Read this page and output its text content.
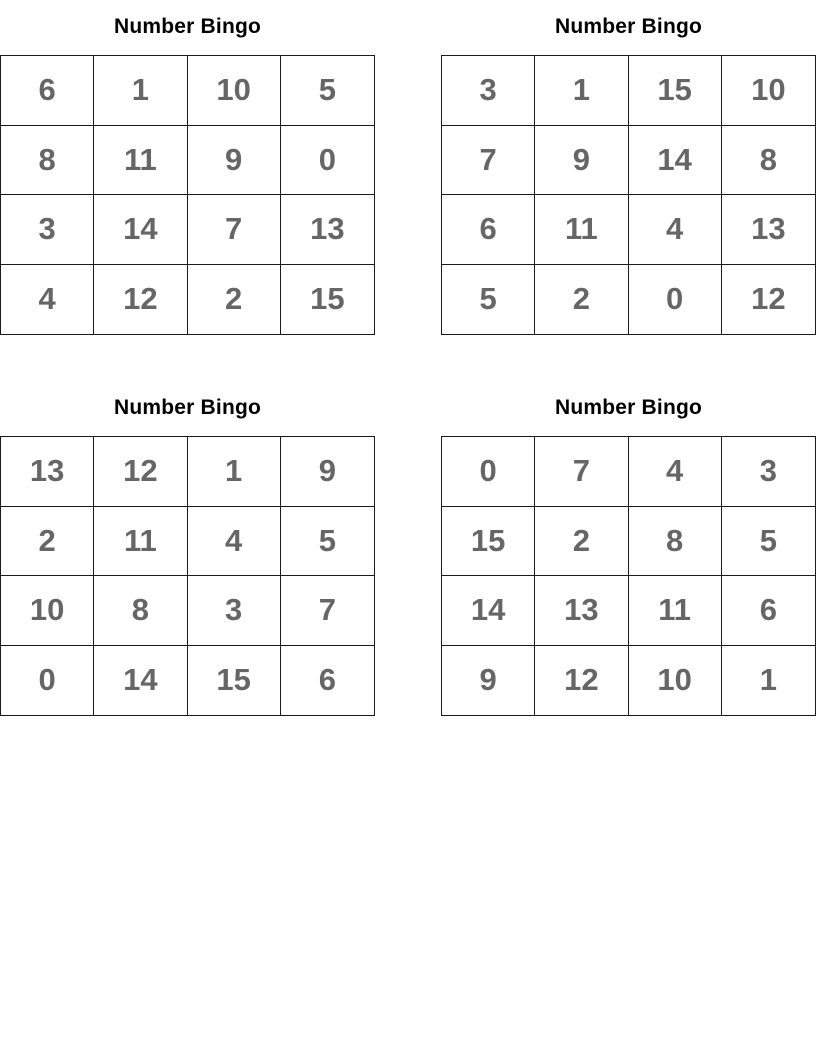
Number Bingo
6	1	10	5
8	11	9	0
3	14	7	13
4	12	2	15
Number Bingo
3	1	15	10
7	9	14	8
6	11	4	13
5	2	0	12
Number Bingo
13	12	1	9
2	11	4	5
10	8	3	7
0	14	15	6
Number Bingo
0	7	4	3
15	2	8	5
14	13	11	6
9	12	10	1
